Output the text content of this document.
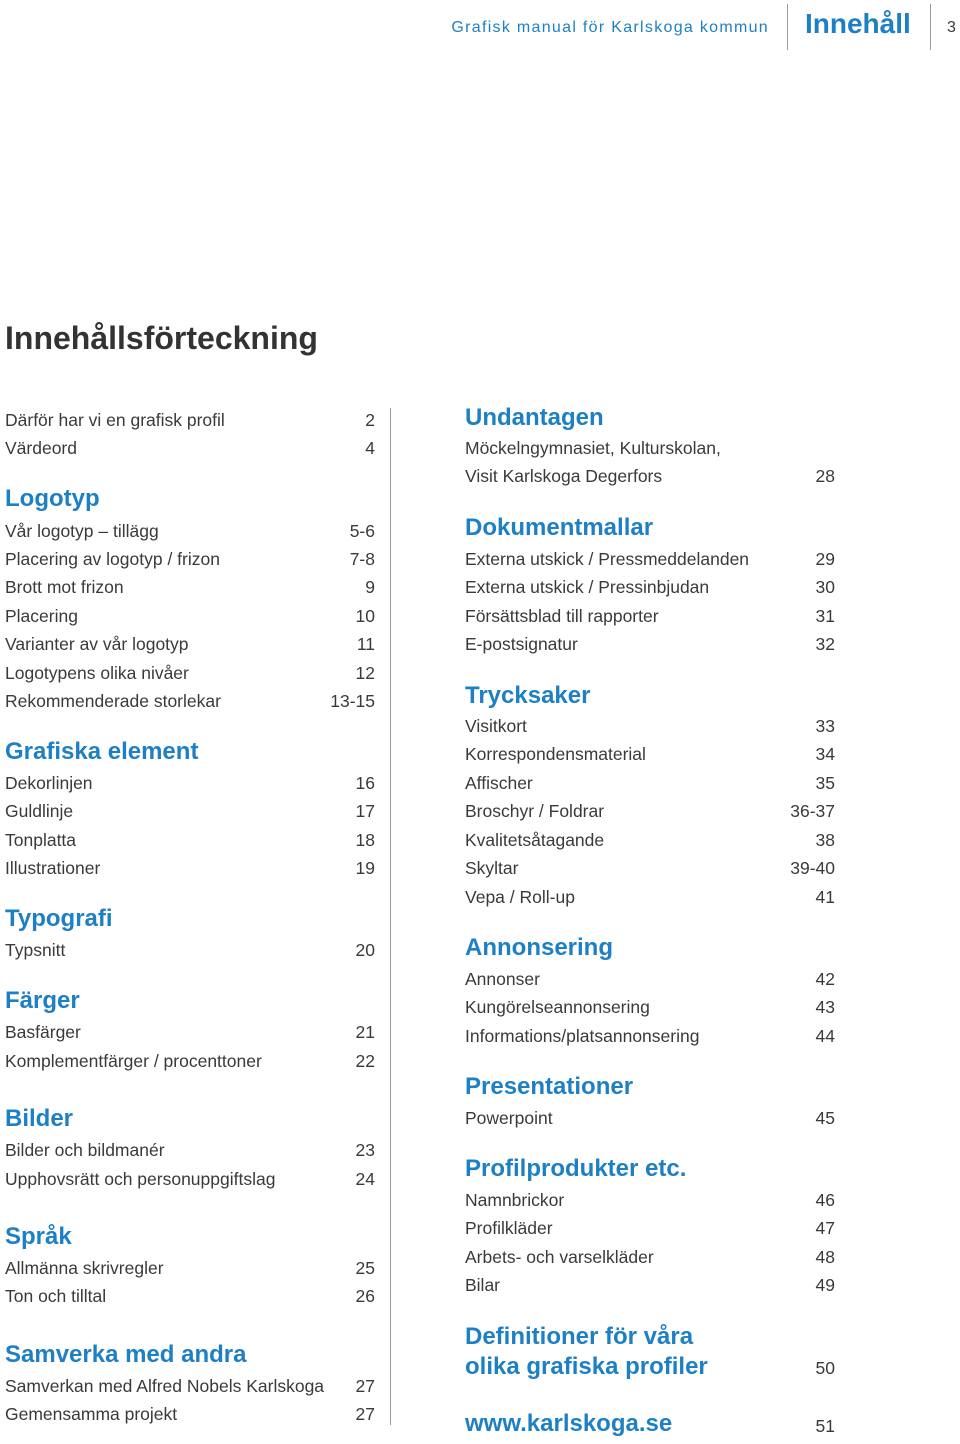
Grafisk manual för Karlskoga kommun Innehåll 3
Innehållsförteckning
Därför har vi en grafisk profil	2
Värdeord	4
Logotyp
Vår logotyp – tillägg	5-6
Placering av logotyp / frizon	7-8
Brott mot frizon	9
Placering	10
Varianter av vår logotyp	11
Logotypens olika nivåer	12
Rekommenderade storlekar	13-15
Grafiska element
Dekorlinjen	16
Guldlinje	17
Tonplatta	18
Illustrationer	19
Typografi
Typsnitt	20
Färger
Basfärger	21
Komplementfärger / procenttoner	22
Bilder
Bilder och bildmanér	23
Upphovsrätt och personuppgiftslag	24
Språk
Allmänna skrivregler	25
Ton och tilltal	26
Samverka med andra
Samverkan med Alfred Nobels Karlskoga 27
Gemensamma projekt	27
Undantagen
Möckelngymnasiet, Kulturskolan,
Visit Karlskoga Degerfors	28
Dokumentmallar
Externa utskick / Pressmeddelanden	29
Externa utskick / Pressinbjudan	30
Försättsblad till rapporter	31
E-postsignatur	32
Trycksaker
Visitkort	33
Korrespondensmaterial	34
Affischer	35
Broschyr / Foldrar	36-37
Kvalitetsåtagande	38
Skyltar	39-40
Vepa / Roll-up	41
Annonsering
Annonser	42
Kungörelseannonsering	43
Informations/platsannonsering	44
Presentationer
Powerpoint	45
Profilprodukter etc.
Namnbrickor	46
Profilkläder	47
Arbets- och varselkläder	48
Bilar	49
Definitioner för våra
olika grafiska profiler	50
www.karlskoga.se	51
